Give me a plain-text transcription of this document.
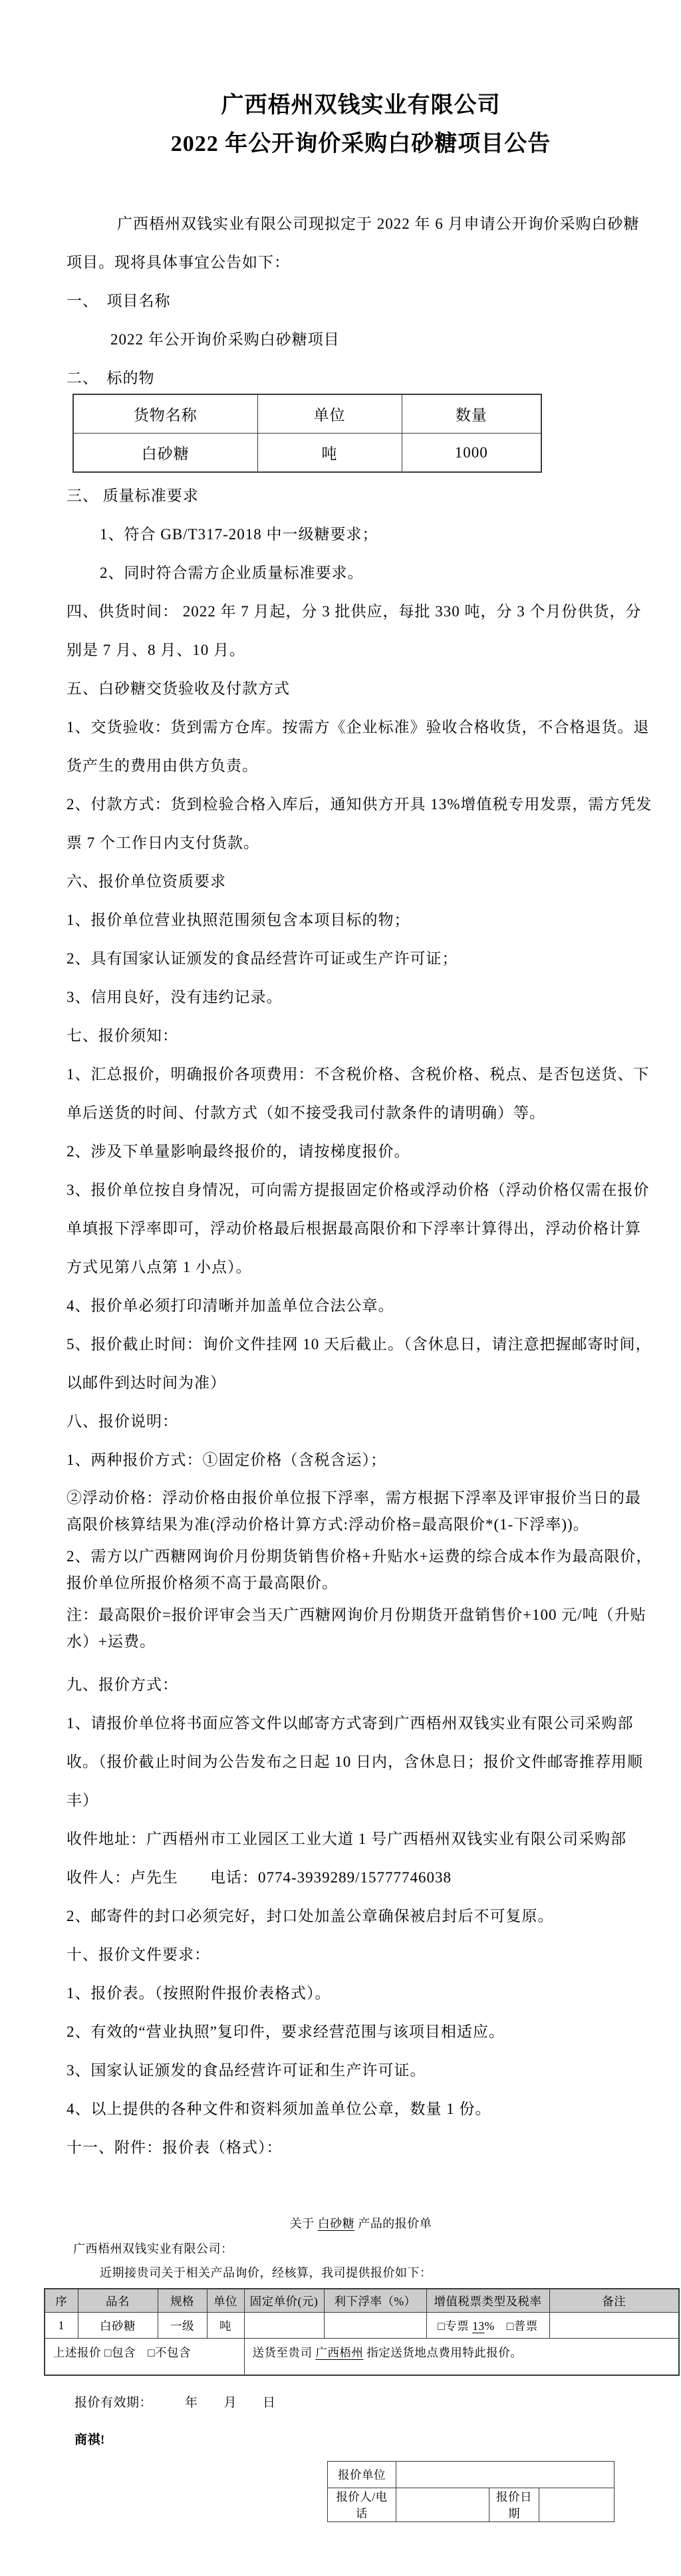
广西梧州双钱实业有限公司
2022 年公开询价采购白砂糖项目公告

广西梧州双钱实业有限公司现拟定于 2022 年 6 月申请公开询价采购白砂糖项目。现将具体事宜公告如下：

一、　项目名称

2022 年公开询价采购白砂糖项目

二、　标的物

货物名称	单位	数量
白砂糖	吨	1000

三、 质量标准要求

1、符合 GB/T317-2018 中一级糖要求；

2、同时符合需方企业质量标准要求。

四、供货时间： 2022 年 7 月起，分 3 批供应，每批 330 吨，分 3 个月份供货，分别是 7 月、8 月、10 月。

五、白砂糖交货验收及付款方式

1、交货验收：货到需方仓库。按需方《企业标准》验收合格收货，不合格退货。退货产生的费用由供方负责。

2、付款方式：货到检验合格入库后，通知供方开具 13%增值税专用发票，需方凭发票 7 个工作日内支付货款。

六、报价单位资质要求

1、报价单位营业执照范围须包含本项目标的物；

2、具有国家认证颁发的食品经营许可证或生产许可证；

3、信用良好，没有违约记录。

七、报价须知：

1、汇总报价，明确报价各项费用：不含税价格、含税价格、税点、是否包送货、下单后送货的时间、付款方式（如不接受我司付款条件的请明确）等。

2、涉及下单量影响最终报价的，请按梯度报价。

3、报价单位按自身情况，可向需方提报固定价格或浮动价格（浮动价格仅需在报价单填报下浮率即可，浮动价格最后根据最高限价和下浮率计算得出，浮动价格计算方式见第八点第 1 小点）。

4、报价单必须打印清晰并加盖单位合法公章。

5、报价截止时间：询价文件挂网 10 天后截止。（含休息日，请注意把握邮寄时间，以邮件到达时间为准）

八、报价说明：

1、两种报价方式：①固定价格（含税含运）；

②浮动价格：浮动价格由报价单位报下浮率，需方根据下浮率及评审报价当日的最高限价核算结果为准(浮动价格计算方式:浮动价格=最高限价*(1-下浮率))。

2、需方以广西糖网询价月份期货销售价格+升贴水+运费的综合成本作为最高限价，报价单位所报价格须不高于最高限价。

注：最高限价=报价评审会当天广西糖网询价月份期货开盘销售价+100 元/吨（升贴水）+运费。

九、报价方式：

1、请报价单位将书面应答文件以邮寄方式寄到广西梧州双钱实业有限公司采购部收。（报价截止时间为公告发布之日起 10 日内，含休息日；报价文件邮寄推荐用顺丰）

收件地址：广西梧州市工业园区工业大道 1 号广西梧州双钱实业有限公司采购部

收件人：卢先生　　电话：0774-3939289/15777746038

2、邮寄件的封口必须完好，封口处加盖公章确保被启封后不可复原。

十、报价文件要求：

1、报价表。（按照附件报价表格式）。

2、有效的“营业执照”复印件，要求经营范围与该项目相适应。

3、国家认证颁发的食品经营许可证和生产许可证。

4、以上提供的各种文件和资料须加盖单位公章，数量 1 份。

十一、附件：报价表（格式）：

关于 白砂糖 产品的报价单

广西梧州双钱实业有限公司：

近期接贵司关于相关产品询价，经核算，我司提供报价如下：

序	品名	规格	单位	固定单价(元)	利下浮率（%）	增值税票类型及税率	备注
1	白砂糖	一级	吨			□专票 13%　□普票	
上述报价 □包含　□不包含				送货至贵司 广西梧州 指定送货地点费用特此报价。			

报价有效期：　　　年　　月　　日

商祺!

报价单位			
报价人/电话		报价日期	
